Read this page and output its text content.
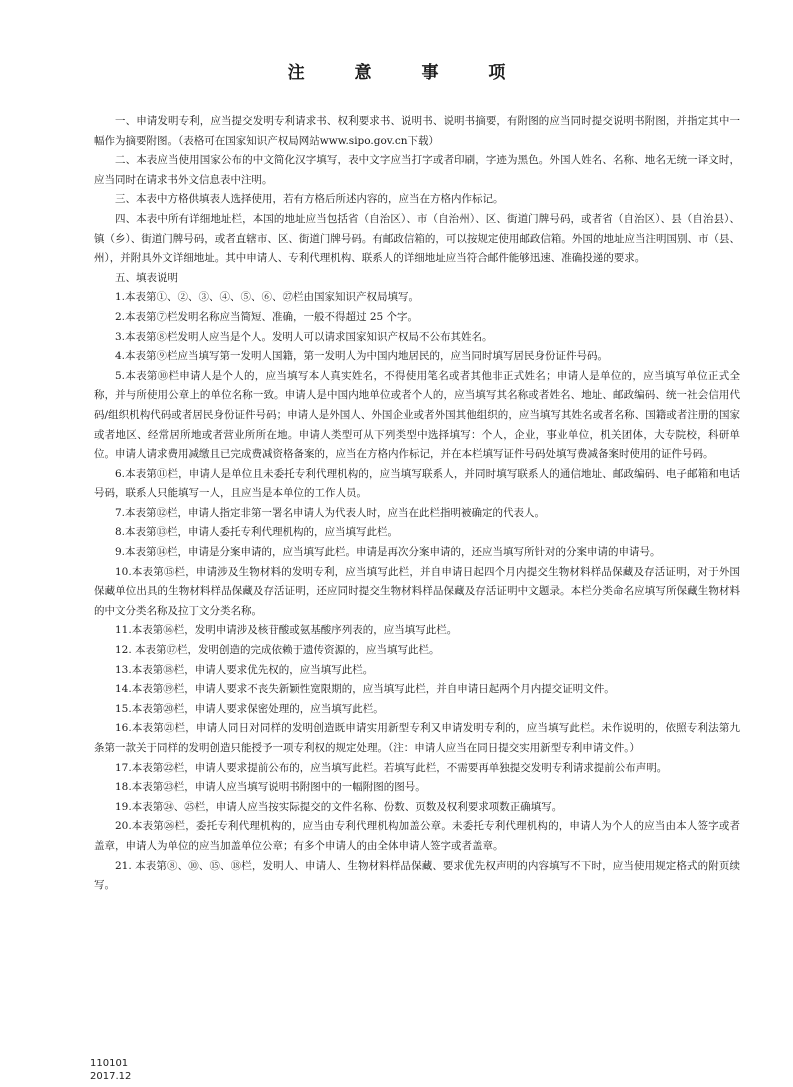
注 意 事 项

一、申请发明专利，应当提交发明专利请求书、权利要求书、说明书、说明书摘要，有附图的应当同时提交说明书附图，并指定其中一幅作为摘要附图。（表格可在国家知识产权局网站www.sipo.gov.cn下载）

二、本表应当使用国家公布的中文简化汉字填写，表中文字应当打字或者印刷，字迹为黑色。外国人姓名、名称、地名无统一译文时，应当同时在请求书外文信息表中注明。

三、本表中方格供填表人选择使用，若有方格后所述内容的，应当在方格内作标记。

四、本表中所有详细地址栏，本国的地址应当包括省（自治区）、市（自治州）、区、街道门牌号码，或者省（自治区）、县（自治县）、镇（乡）、街道门牌号码，或者直辖市、区、街道门牌号码。有邮政信箱的，可以按规定使用邮政信箱。外国的地址应当注明国别、市（县、州），并附具外文详细地址。其中申请人、专利代理机构、联系人的详细地址应当符合邮件能够迅速、准确投递的要求。

五、填表说明

1.本表第①、②、③、④、⑤、⑥、㉗栏由国家知识产权局填写。

2.本表第⑦栏发明名称应当简短、准确，一般不得超过 25 个字。

3.本表第⑧栏发明人应当是个人。发明人可以请求国家知识产权局不公布其姓名。

4.本表第⑨栏应当填写第一发明人国籍，第一发明人为中国内地居民的，应当同时填写居民身份证件号码。

5.本表第⑩栏申请人是个人的，应当填写本人真实姓名，不得使用笔名或者其他非正式姓名；申请人是单位的，应当填写单位正式全称，并与所使用公章上的单位名称一致。申请人是中国内地单位或者个人的，应当填写其名称或者姓名、地址、邮政编码、统一社会信用代码/组织机构代码或者居民身份证件号码；申请人是外国人、外国企业或者外国其他组织的，应当填写其姓名或者名称、国籍或者注册的国家或者地区、经常居所地或者营业所所在地。申请人类型可从下列类型中选择填写：个人，企业，事业单位，机关团体，大专院校，科研单位。申请人请求费用减缴且已完成费减资格备案的，应当在方格内作标记，并在本栏填写证件号码处填写费减备案时使用的证件号码。

6.本表第⑪栏，申请人是单位且未委托专利代理机构的，应当填写联系人，并同时填写联系人的通信地址、邮政编码、电子邮箱和电话号码，联系人只能填写一人，且应当是本单位的工作人员。

7.本表第⑫栏，申请人指定非第一署名申请人为代表人时，应当在此栏指明被确定的代表人。

8.本表第⑬栏，申请人委托专利代理机构的，应当填写此栏。

9.本表第⑭栏，申请是分案申请的，应当填写此栏。申请是再次分案申请的，还应当填写所针对的分案申请的申请号。

10.本表第⑮栏，申请涉及生物材料的发明专利，应当填写此栏，并自申请日起四个月内提交生物材料样品保藏及存活证明，对于外国保藏单位出具的生物材料样品保藏及存活证明，还应同时提交生物材料样品保藏及存活证明中文题录。本栏分类命名应填写所保藏生物材料的中文分类名称及拉丁文分类名称。

11.本表第⑯栏，发明申请涉及核苷酸或氨基酸序列表的，应当填写此栏。

12. 本表第⑰栏，发明创造的完成依赖于遗传资源的，应当填写此栏。

13.本表第⑱栏，申请人要求优先权的，应当填写此栏。

14.本表第⑲栏，申请人要求不丧失新颖性宽限期的，应当填写此栏，并自申请日起两个月内提交证明文件。

15.本表第⑳栏，申请人要求保密处理的，应当填写此栏。

16.本表第㉑栏，申请人同日对同样的发明创造既申请实用新型专利又申请发明专利的，应当填写此栏。未作说明的，依照专利法第九条第一款关于同样的发明创造只能授予一项专利权的规定处理。（注：申请人应当在同日提交实用新型专利申请文件。）

17.本表第㉒栏，申请人要求提前公布的，应当填写此栏。若填写此栏，不需要再单独提交发明专利请求提前公布声明。

18.本表第㉓栏，申请人应当填写说明书附图中的一幅附图的图号。

19.本表第㉔、㉕栏，申请人应当按实际提交的文件名称、份数、页数及权利要求项数正确填写。

20.本表第㉖栏，委托专利代理机构的，应当由专利代理机构加盖公章。未委托专利代理机构的，申请人为个人的应当由本人签字或者盖章，申请人为单位的应当加盖单位公章；有多个申请人的由全体申请人签字或者盖章。

21. 本表第⑧、⑩、⑮、⑱栏，发明人、申请人、生物材料样品保藏、要求优先权声明的内容填写不下时，应当使用规定格式的附页续写。

110101
2017.12
